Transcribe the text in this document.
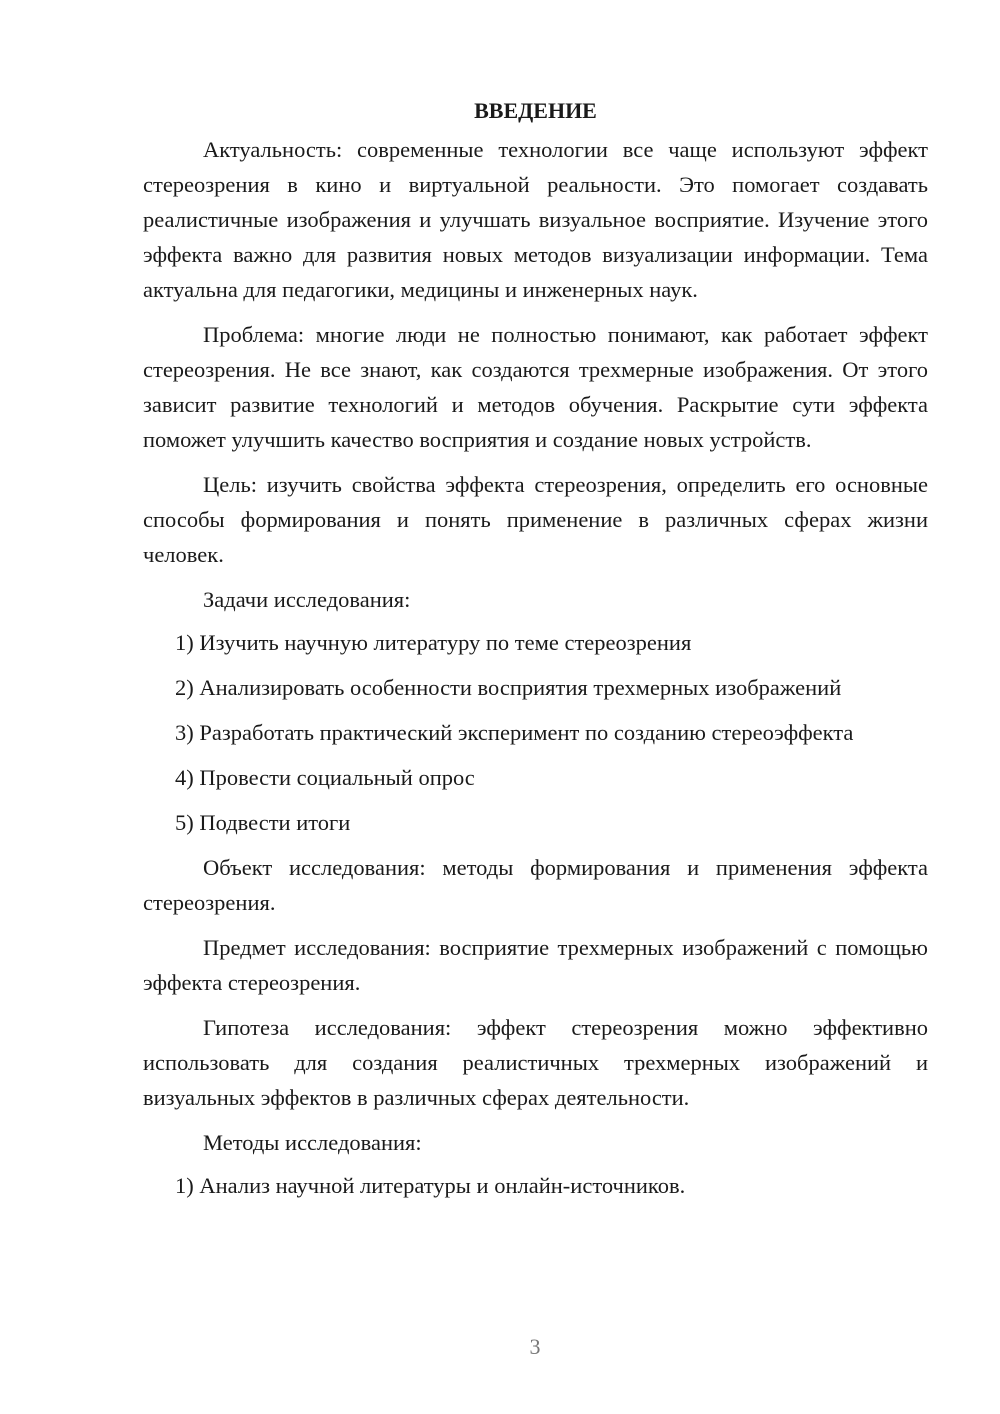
ВВЕДЕНИЕ

Актуальность: современные технологии все чаще используют эффект стереозрения в кино и виртуальной реальности. Это помогает создавать реалистичные изображения и улучшать визуальное восприятие. Изучение этого эффекта важно для развития новых методов визуализации информации. Тема актуальна для педагогики, медицины и инженерных наук.

Проблема: многие люди не полностью понимают, как работает эффект стереозрения. Не все знают, как создаются трехмерные изображения. От этого зависит развитие технологий и методов обучения. Раскрытие сути эффекта поможет улучшить качество восприятия и создание новых устройств.

Цель: изучить свойства эффекта стереозрения, определить его основные способы формирования и понять применение в различных сферах жизни человек.

Задачи исследования:

1) Изучить научную литературу по теме стереозрения
2) Анализировать особенности восприятия трехмерных изображений
3) Разработать практический эксперимент по созданию стереоэффекта
4) Провести социальный опрос
5) Подвести итоги

Объект исследования: методы формирования и применения эффекта стереозрения.

Предмет исследования: восприятие трехмерных изображений с помощью эффекта стереозрения.

Гипотеза исследования: эффект стереозрения можно эффективно использовать для создания реалистичных трехмерных изображений и визуальных эффектов в различных сферах деятельности.

Методы исследования:

1) Анализ научной литературы и онлайн-источников.
3
